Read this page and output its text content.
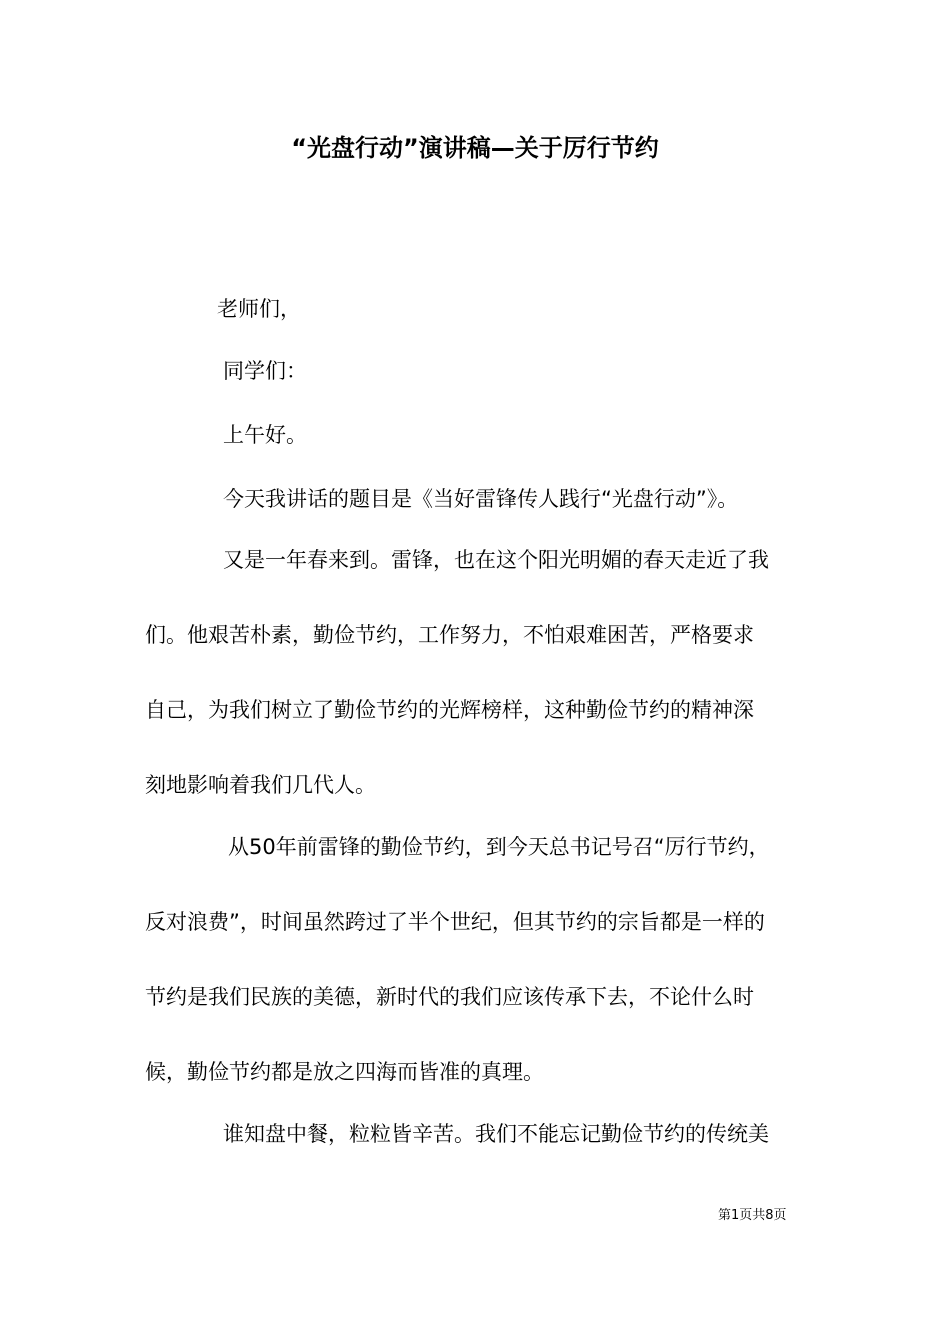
“光盘行动”演讲稿—关于厉行节约
老师们，
同学们：
上午好。
今天我讲话的题目是《当好雷锋传人践行“光盘行动”》。
又是一年春来到。雷锋，也在这个阳光明媚的春天走近了我
们。他艰苦朴素，勤俭节约，工作努力，不怕艰难困苦，严格要求
自己，为我们树立了勤俭节约的光辉榜样，这种勤俭节约的精神深
刻地影响着我们几代人。
从50年前雷锋的勤俭节约，到今天总书记号召“厉行节约，
反对浪费”，时间虽然跨过了半个世纪，但其节约的宗旨都是一样的
节约是我们民族的美德，新时代的我们应该传承下去，不论什么时
候，勤俭节约都是放之四海而皆准的真理。
谁知盘中餐，粒粒皆辛苦。我们不能忘记勤俭节约的传统美
第1页共8页
